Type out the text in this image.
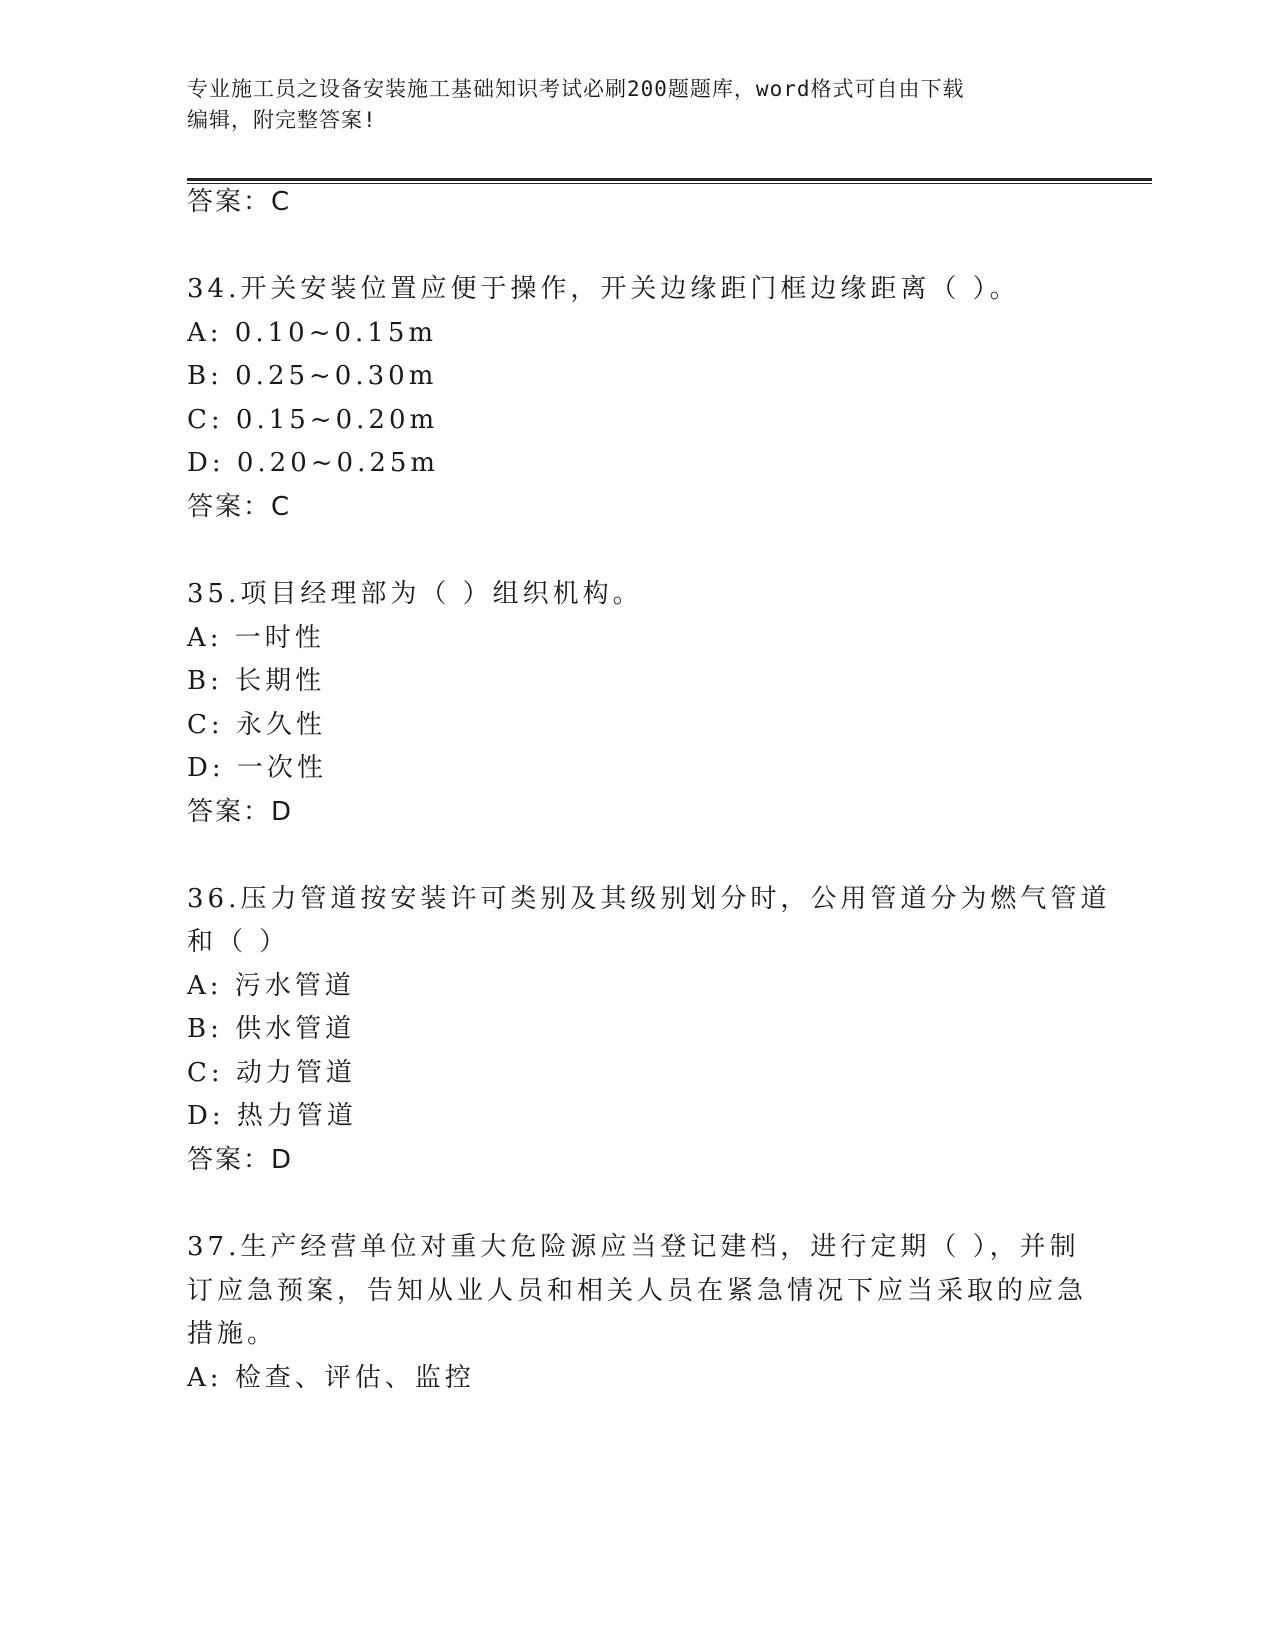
专业施工员之设备安装施工基础知识考试必刷200题题库，word格式可自由下载
编辑，附完整答案!
答案：C
34.开关安装位置应便于操作，开关边缘距门框边缘距离（ ）。
A: 0.10~0.15m
B: 0.25~0.30m
C: 0.15~0.20m
D: 0.20~0.25m
答案：C
35.项目经理部为（ ）组织机构。
A: 一时性
B: 长期性
C: 永久性
D: 一次性
答案：D
36.压力管道按安装许可类别及其级别划分时，公用管道分为燃气管道
和（ ）
A: 污水管道
B: 供水管道
C: 动力管道
D: 热力管道
答案：D
37.生产经营单位对重大危险源应当登记建档，进行定期（ ），并制
订应急预案，告知从业人员和相关人员在紧急情况下应当采取的应急
措施。
A: 检查、评估、监控
